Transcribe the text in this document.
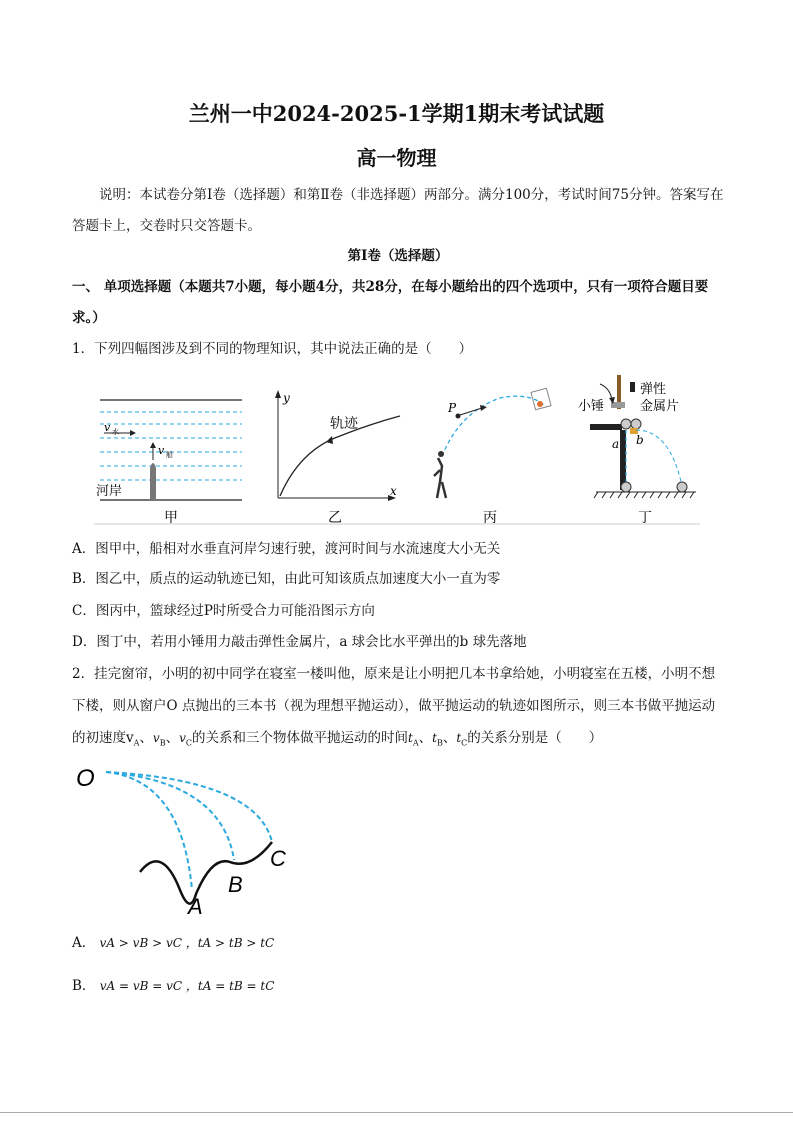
兰州一中2024-2025-1学期1期末考试试题
高一物理
说明：本试卷分第Ⅰ卷（选择题）和第Ⅱ卷（非选择题）两部分。满分100分，考试时间75分钟。答案写在答题卡上，交卷时只交答题卡。
第Ⅰ卷（选择题）
一、 单项选择题（本题共7小题，每小题4分，共28分，在每小题给出的四个选项中，只有一项符合题目要求。）
1．下列四幅图涉及到不同的物理知识，其中说法正确的是（　　）
v 水
v 船
河岸
甲
y
x
轨迹
乙
P
丙
小锤
弹性
金属片
a b
丁
A．图甲中，船相对水垂直河岸匀速行驶，渡河时间与水流速度大小无关
B．图乙中，质点的运动轨迹已知，由此可知该质点加速度大小一直为零
C．图丙中，篮球经过P时所受合力可能沿图示方向
D．图丁中，若用小锤用力敲击弹性金属片，a 球会比水平弹出的b 球先落地
2．挂完窗帘，小明的初中同学在寝室一楼叫他，原来是让小明把几本书拿给她，小明寝室在五楼，小明不想下楼，则从窗户O 点抛出的三本书（视为理想平抛运动），做平抛运动的轨迹如图所示，则三本书做平抛运动的初速度$v_A$、$v_B$、$v_C$的关系和三个物体做平抛运动的时间$t_A$、$t_B$、$t_C$的关系分别是（　　）
O
A
B
C
A． vA > vB > vC ，tA > tB > tC
B． vA = vB = vC ，tA = tB = tC
